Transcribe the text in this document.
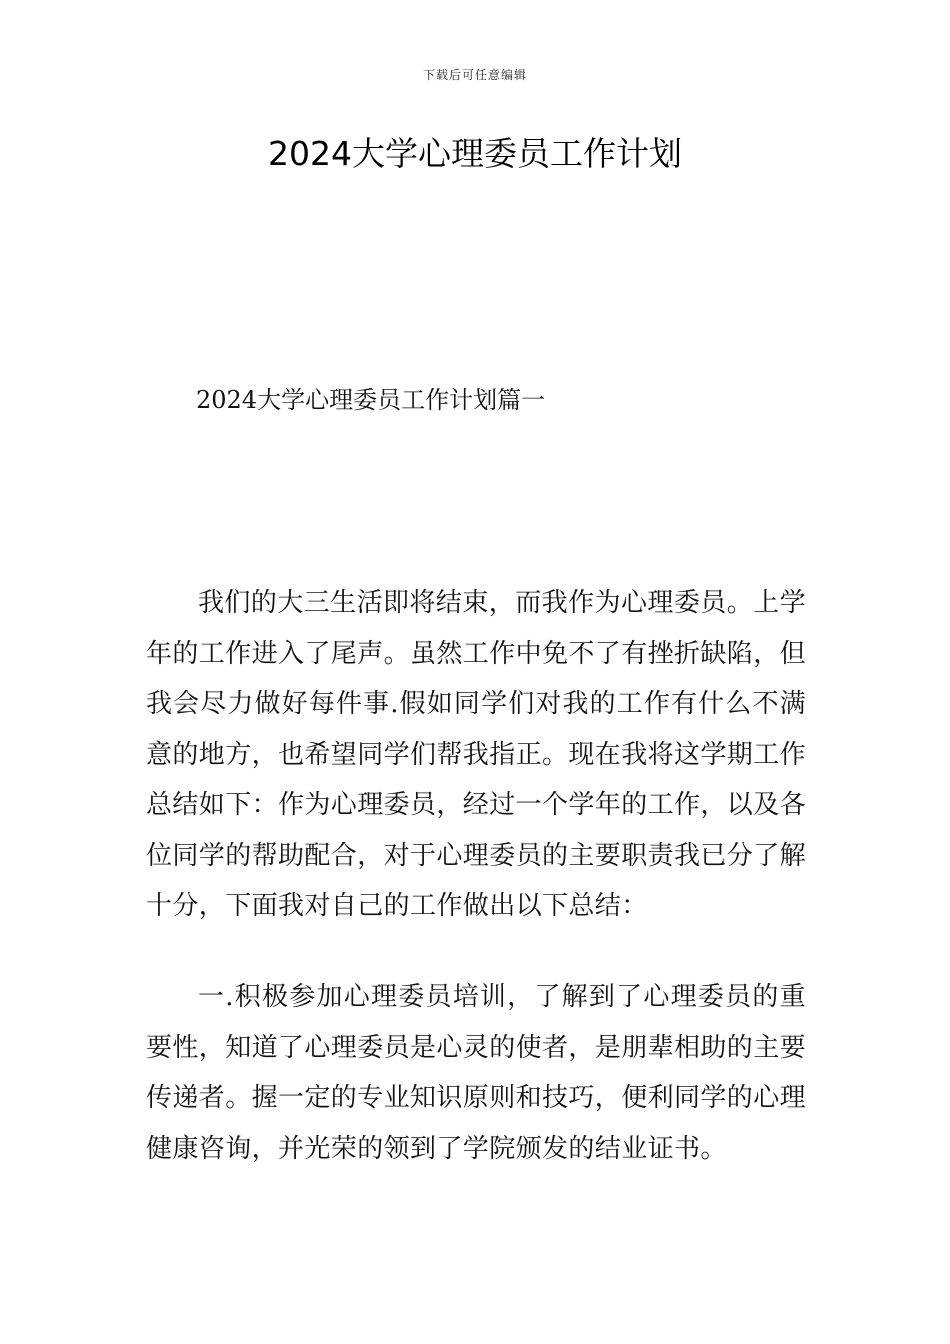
下载后可任意编辑
2024大学心理委员工作计划
2024大学心理委员工作计划篇一

我们的大三生活即将结束，而我作为心理委员。上学年的工作进入了尾声。虽然工作中免不了有挫折缺陷，但我会尽力做好每件事.假如同学们对我的工作有什么不满意的地方，也希望同学们帮我指正。现在我将这学期工作总结如下：作为心理委员，经过一个学年的工作，以及各位同学的帮助配合，对于心理委员的主要职责我已分了解十分，下面我对自己的工作做出以下总结：

一.积极参加心理委员培训，了解到了心理委员的重要性，知道了心理委员是心灵的使者，是朋辈相助的主要传递者。握一定的专业知识原则和技巧，便利同学的心理健康咨询，并光荣的领到了学院颁发的结业证书。
